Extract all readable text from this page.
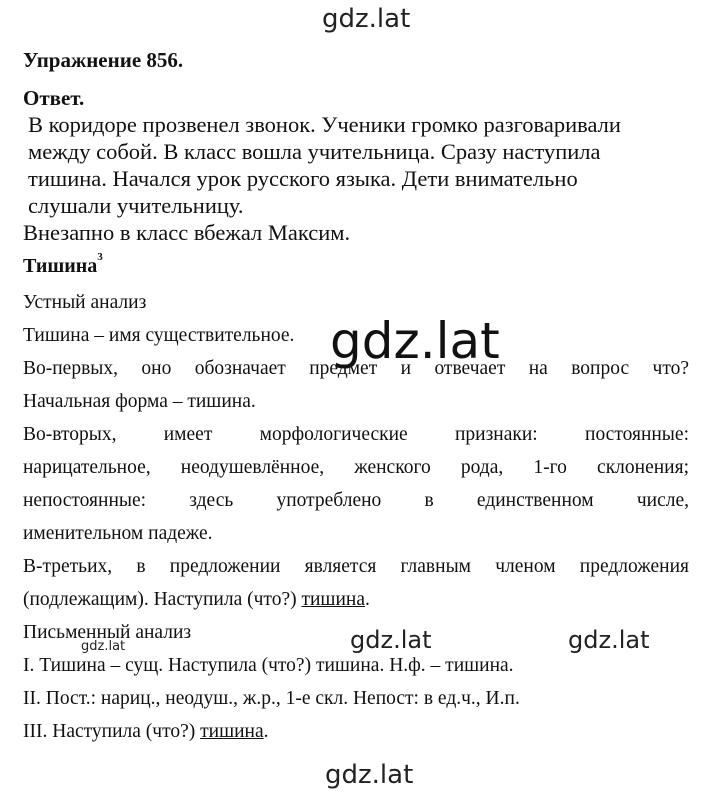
gdz.lat
Упражнение 856.
Ответ.
В коридоре прозвенел звонок. Ученики громко разговаривали
между собой. В класс вошла учительница. Сразу наступила
тишина. Начался урок русского языка. Дети внимательно
слушали учительницу.
Внезапно в класс вбежал Максим.
Тишина$^3$
Устный анализ
Тишина – имя существительное.
Во-первых, оно обозначает предмет и отвечает на вопрос что?
Начальная форма – тишина.
Во-вторых, имеет морфологические признаки: постоянные:
нарицательное, неодушевлённое, женского рода, 1-го склонения;
непостоянные: здесь употреблено в единственном числе,
именительном падеже.
В-третьих, в предложении является главным членом предложения
(подлежащим). Наступила (что?) тишина.
Письменный анализ
I. Тишина – сущ. Наступила (что?) тишина. Н.ф. – тишина.
II. Пост.: нариц., неодуш., ж.р., 1-е скл. Непост: в ед.ч., И.п.
III. Наступила (что?) тишина.
gdz.lat
gdz.lat	gdz.lat
gdz.lat
gdz.lat
